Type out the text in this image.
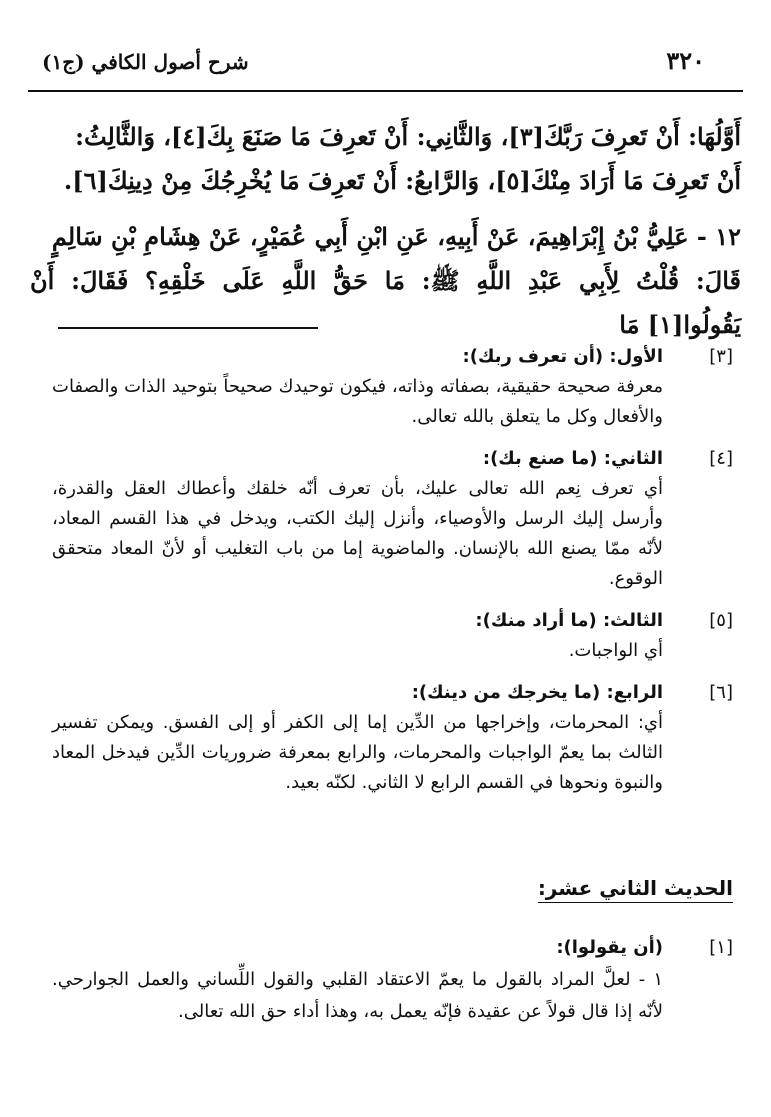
٣٢٠
شرح أصول الكافي (ج١)

أَوَّلُهَا: أَنْ تَعرِفَ رَبَّكَ[٣]، وَالثَّانِي: أَنْ تَعرِفَ مَا صَنَعَ بِكَ[٤]، وَالثَّالِثُ:

أَنْ تَعرِفَ مَا أَرَادَ مِنْكَ[٥]، وَالرَّابعُ: أَنْ تَعرِفَ مَا يُخْرِجُكَ مِنْ دِينِكَ[٦].

١٢ - عَلِيُّ بْنُ إِبْرَاهِيمَ، عَنْ أَبِيهِ، عَنِ ابْنِ أَبِي عُمَيْرٍ، عَنْ هِشَامِ بْنِ سَالِمٍ

قَالَ: قُلْتُ لِأَبِي عَبْدِ اللَّهِ ﷺ: مَا حَقُّ اللَّهِ عَلَى خَلْقِهِ؟ فَقَالَ: أَنْ يَقُولُوا[١] مَا

[٣]
الأول: (أن تعرف ربك):
معرفة صحيحة حقيقية، بصفاته وذاته، فيكون توحيدك صحيحاً بتوحيد الذات والصفات والأفعال وكل ما يتعلق بالله تعالى.
[٤]
الثاني: (ما صنع بك):
أي تعرف نِعم الله تعالى عليك، بأن تعرف أنّه خلقك وأعطاك العقل والقدرة، وأرسل إليك الرسل والأوصياء، وأنزل إليك الكتب، ويدخل في هذا القسم المعاد، لأنّه ممّا يصنع الله بالإنسان. والماضوية إما من باب التغليب أو لأنّ المعاد متحقق الوقوع.
[٥]
الثالث: (ما أراد منك):
أي الواجبات.
[٦]
الرابع: (ما يخرجك من دينك):
أي: المحرمات، وإخراجها من الدِّين إما إلى الكفر أو إلى الفسق. ويمكن تفسير الثالث بما يعمّ الواجبات والمحرمات، والرابع بمعرفة ضروريات الدِّين فيدخل المعاد والنبوة ونحوها في القسم الرابع لا الثاني. لكنّه بعيد.
الحديث الثاني عشر:
[١]
(أن يقولوا):
١ - لعلَّ المراد بالقول ما يعمّ الاعتقاد القلبي والقول اللِّساني والعمل الجوارحي. لأنّه إذا قال قولاً عن عقيدة فإنّه يعمل به، وهذا أداء حق الله تعالى.
